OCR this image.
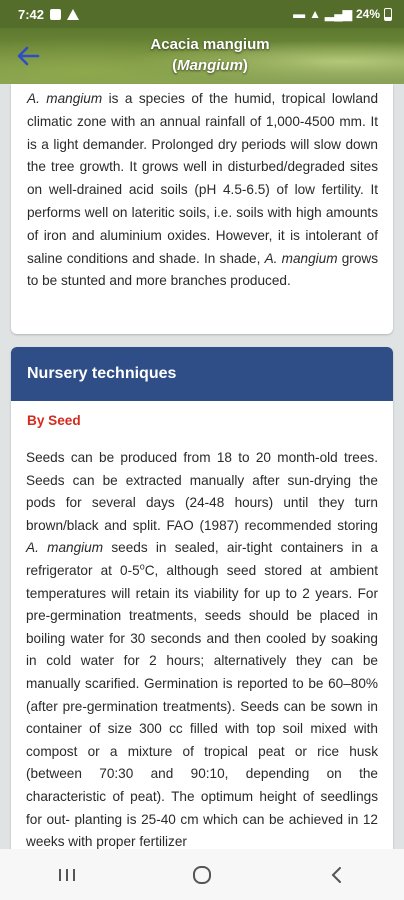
7:42	▬ ▲ ▂▄▆ 24%
Acacia mangium
(Mangium)

A. mangium is a species of the humid, tropical lowland climatic zone with an annual rainfall of 1,000-4500 mm. It is a light demander. Prolonged dry periods will slow down the tree growth. It grows well in disturbed/degraded sites on well-drained acid soils (pH 4.5-6.5) of low fertility. It performs well on lateritic soils, i.e. soils with high amounts of iron and aluminium oxides. However, it is intolerant of saline conditions and shade. In shade, A. mangium grows to be stunted and more branches produced.

Nursery techniques
By Seed

Seeds can be produced from 18 to 20 month-old trees. Seeds can be extracted manually after sun-drying the pods for several days (24-48 hours) until they turn brown/black and split. FAO (1987) recommended storing A. mangium seeds in sealed, air-tight containers in a refrigerator at 0-5$^o$C, although seed stored at ambient temperatures will retain its viability for up to 2 years. For pre-germination treatments, seeds should be placed in boiling water for 30 seconds and then cooled by soaking in cold water for 2 hours; alternatively they can be manually scarified. Germination is reported to be 60–80% (after pre-germination treatments). Seeds can be sown in container of size 300 cc filled with top soil mixed with compost or a mixture of tropical peat or rice husk (between 70:30 and 90:10, depending on the characteristic of peat). The optimum height of seedlings for out- planting is 25-40 cm which can be achieved in 12 weeks with proper fertilizer
